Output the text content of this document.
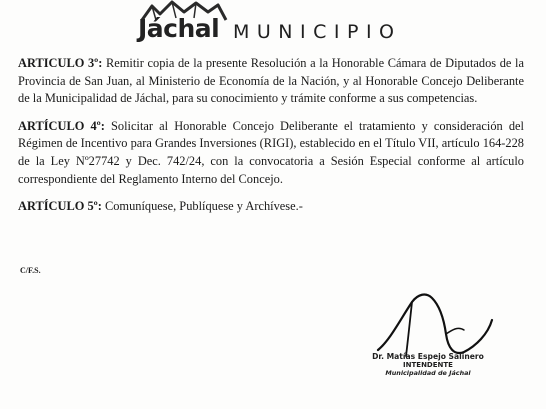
Jáchal MUNICIPIO

ARTICULO 3º: Remitir copia de la presente Resolución a la Honorable Cámara de Diputados de la Provincia de San Juan, al Ministerio de Economía de la Nación, y al Honorable Concejo Deliberante de la Municipalidad de Jáchal, para su conocimiento y trámite conforme a sus competencias.

ARTÍCULO 4º: Solicitar al Honorable Concejo Deliberante el tratamiento y consideración del Régimen de Incentivo para Grandes Inversiones (RIGI), establecido en el Título VII, artículo 164-228 de la Ley Nº27742 y Dec. 742/24, con la convocatoria a Sesión Especial conforme al artículo correspondiente del Reglamento Interno del Concejo.

ARTÍCULO 5º: Comuníquese, Publíquese y Archívese.-

C/F.S.
Dr. Matías Espejo Salinero
INTENDENTE
Municipalidad de Jáchal
